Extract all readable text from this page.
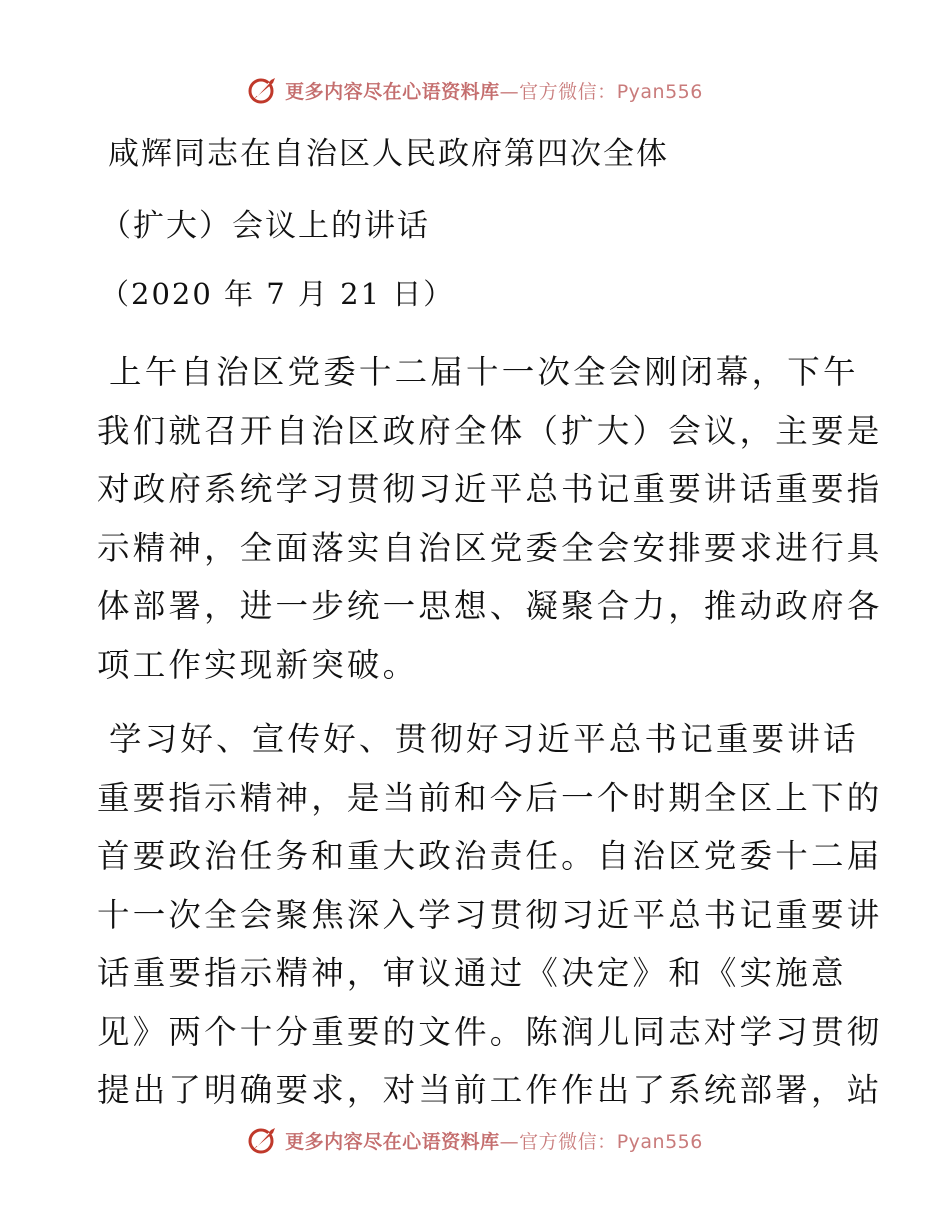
更多内容尽在心语资料库—官方微信：Pyan556
咸辉同志在自治区人民政府第四次全体
（扩大）会议上的讲话
（2020 年 7 月 21 日）
上午自治区党委十二届十一次全会刚闭幕，下午
我们就召开自治区政府全体（扩大）会议，主要是
对政府系统学习贯彻习近平总书记重要讲话重要指
示精神，全面落实自治区党委全会安排要求进行具
体部署，进一步统一思想、凝聚合力，推动政府各
项工作实现新突破。
学习好、宣传好、贯彻好习近平总书记重要讲话
重要指示精神，是当前和今后一个时期全区上下的
首要政治任务和重大政治责任。自治区党委十二届
十一次全会聚焦深入学习贯彻习近平总书记重要讲
话重要指示精神，审议通过《决定》和《实施意
见》两个十分重要的文件。陈润儿同志对学习贯彻
提出了明确要求，对当前工作作出了系统部署，站
更多内容尽在心语资料库—官方微信：Pyan556
